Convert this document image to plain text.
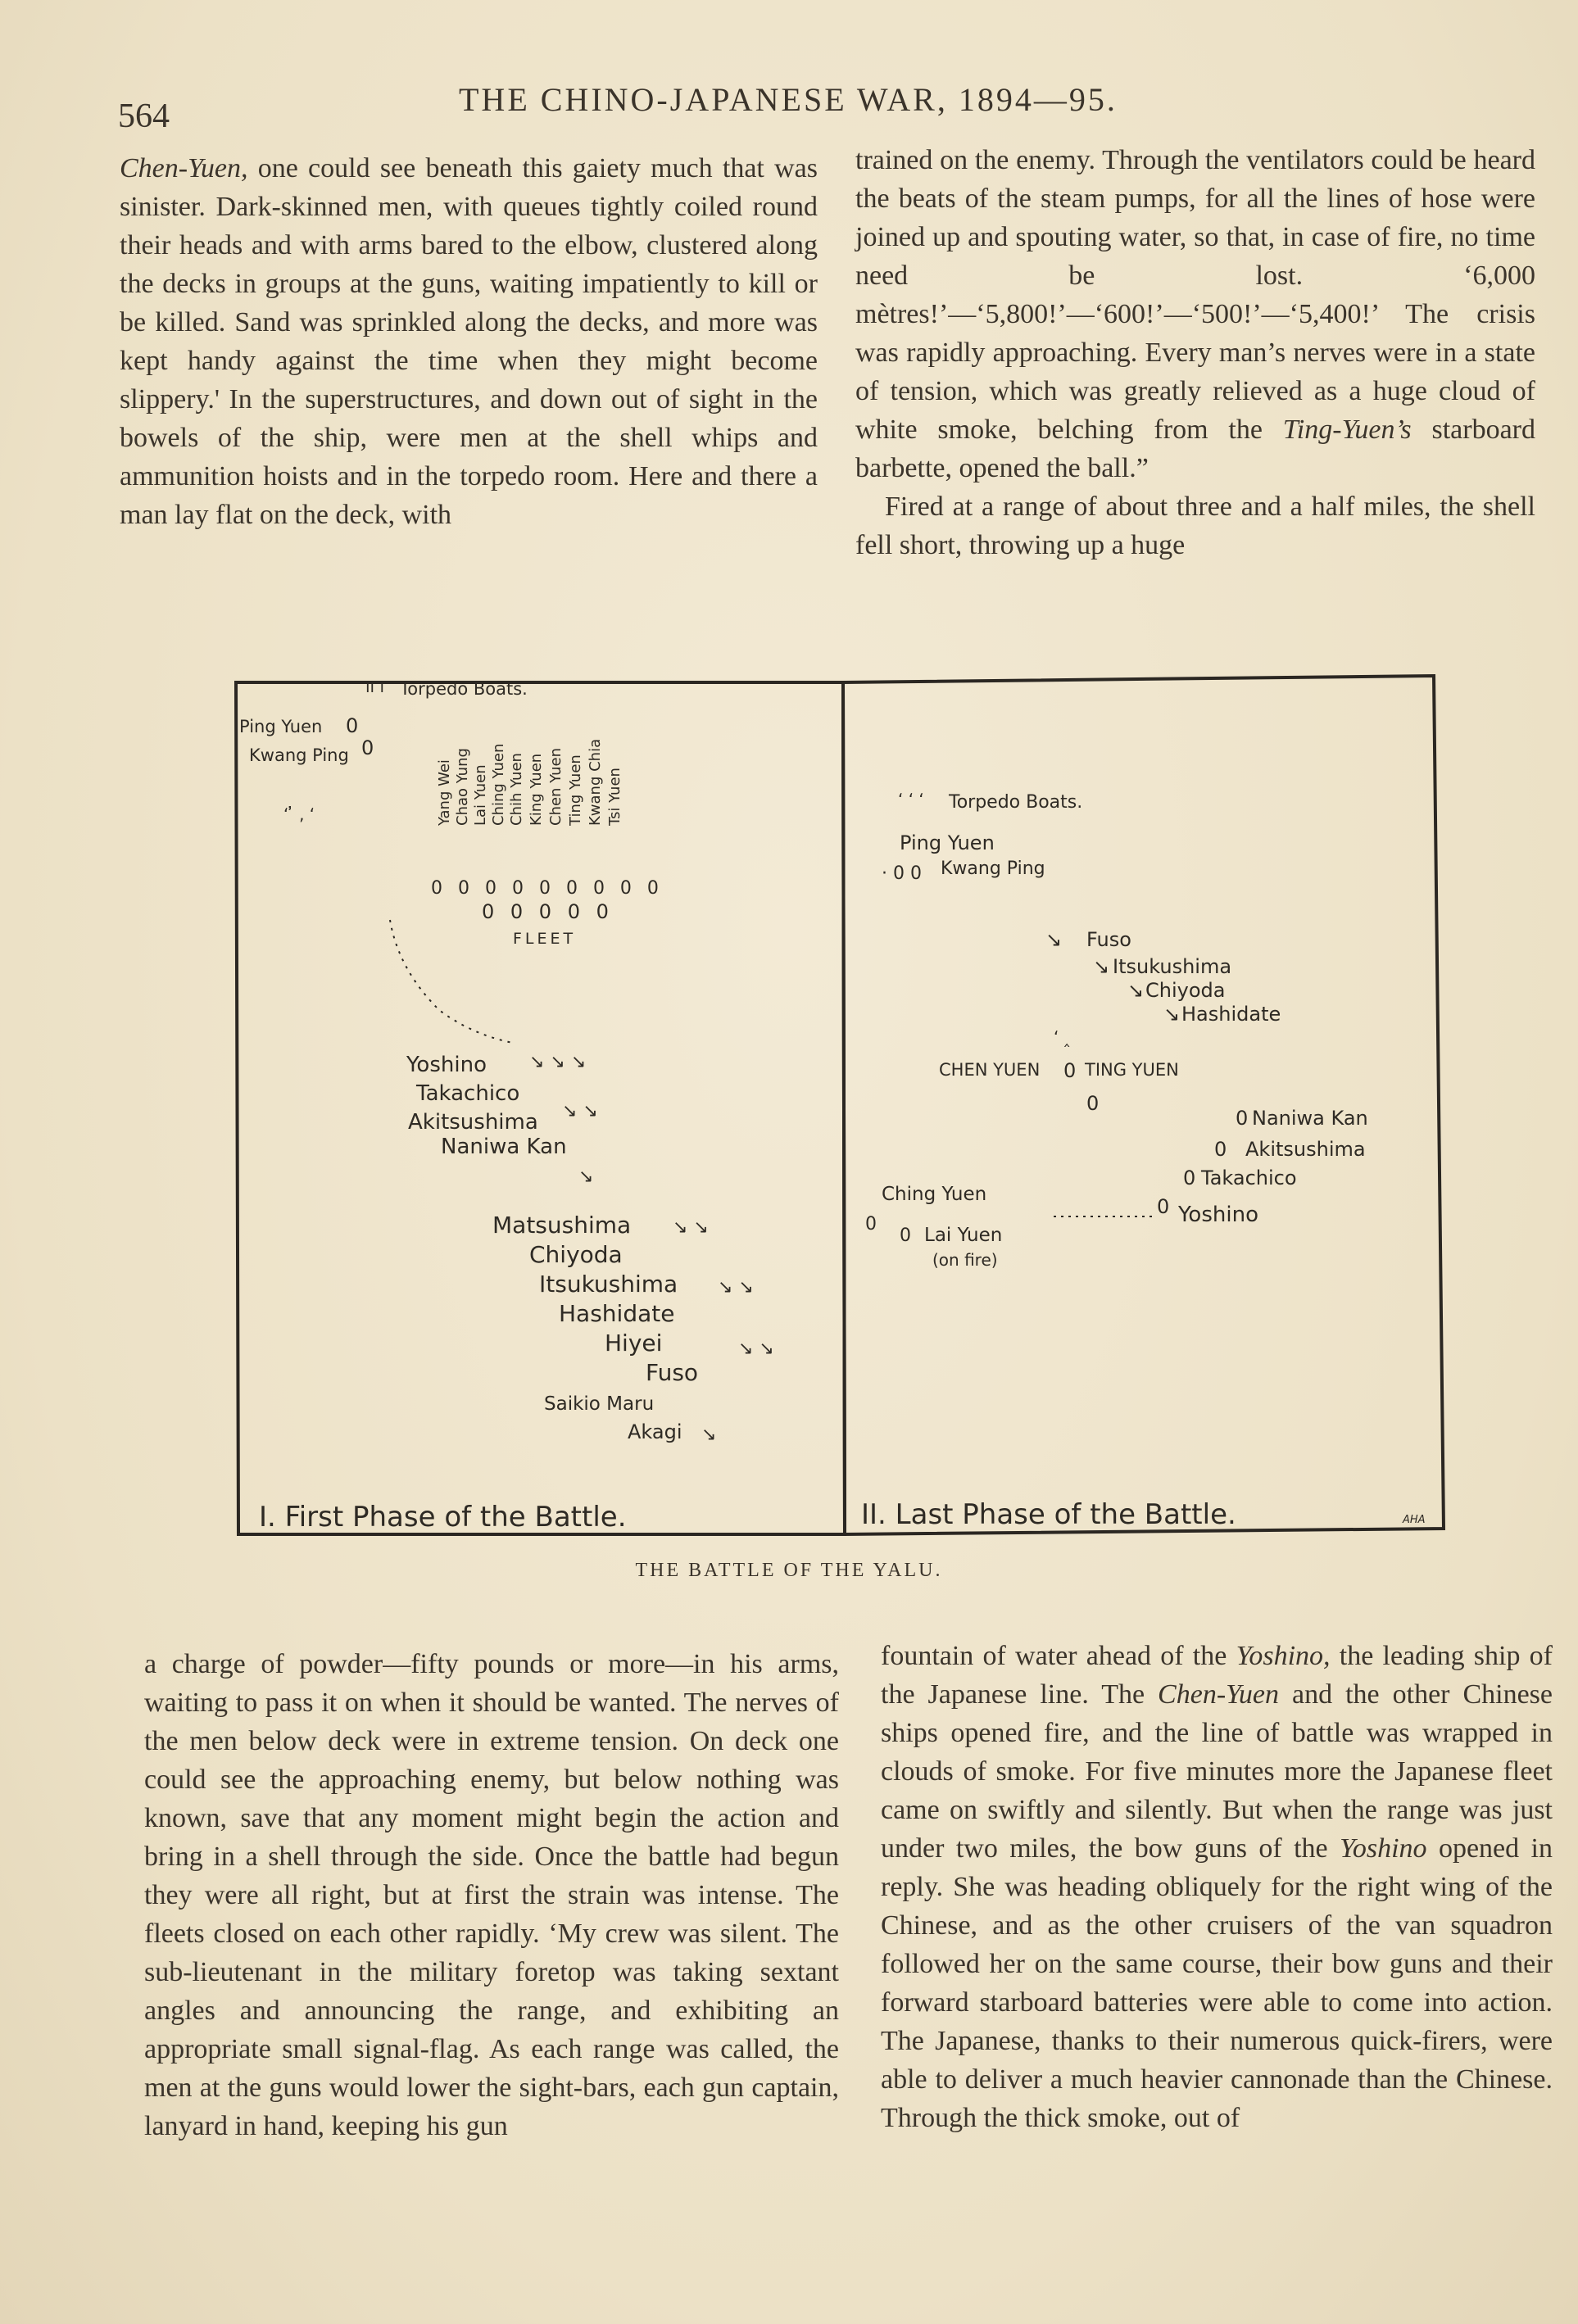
564	THE CHINO-JAPANESE WAR, 1894—95.

Chen-Yuen, one could see beneath this gaiety much that was sinister. Dark-skinned men, with queues tightly coiled round their heads and with arms bared to the elbow, clustered along the decks in groups at the guns, waiting impatiently to kill or be killed. Sand was sprinkled along the decks, and more was kept handy against the time when they might become slippery.' In the superstructures, and down out of sight in the bowels of the ship, were men at the shell whips and ammunition hoists and in the torpedo room. Here and there a man lay flat on the deck, with

trained on the enemy. Through the ventilators could be heard the beats of the steam pumps, for all the lines of hose were joined up and spouting water, so that, in case of fire, no time need be lost. ‘6,000 mètres!’—‘5,800!’—‘600!’—‘500!’—‘5,400!’ The crisis was rapidly approaching. Every man’s nerves were in a state of tension, which was greatly relieved as a huge cloud of white smoke, belching from the Ting-Yuen’s starboard barbette, opened the ball.”

Fired at a range of about three and a half miles, the shell fell short, throwing up a huge

ıı ı Torpedo Boats.
Ping Yuen
Kwang Ping
0
0
Yang Wei Chao Yung Lai Yuen Ching Yuen Chih Yuen King Yuen Chen Yuen Ting Yuen Kwang Chia Tsi Yuen
0 0 0 0 0 0 0 0 0
0 0 0 0 0
FLEET
ʻ ̓ , ʻ
Yoshino
Takachico
Akitsushima
Naniwa Kan
↘ ↘ ↘
↘ ↘
↘
Matsushima
Chiyoda
Itsukushima
Hashidate
Hiyei
Fuso
Saikio Maru
Akagi
↘ ↘
↘ ↘
↘ ↘
↘
I. First Phase of the Battle.
ʻ ʻ ʻ Torpedo Boats.
Ping Yuen
Kwang Ping
· 0 0
↘ Fuso
↘ Itsukushima
↘ Chiyoda
↘ Hashidate
CHEN YUEN 0 TING YUEN
0
ʻ ‸
0 Naniwa Kan
0 Akitsushima
0 Takachico
0 Yoshino
Ching Yuen
0
0 Lai Yuen
(on fire)
II. Last Phase of the Battle.	AHA
THE BATTLE OF THE YALU.

a charge of powder—fifty pounds or more—in his arms, waiting to pass it on when it should be wanted. The nerves of the men below deck were in extreme tension. On deck one could see the approaching enemy, but below nothing was known, save that any moment might begin the action and bring in a shell through the side. Once the battle had begun they were all right, but at first the strain was intense. The fleets closed on each other rapidly. ‘My crew was silent. The sub-lieutenant in the military foretop was taking sextant angles and announcing the range, and exhibiting an appropriate small signal-flag. As each range was called, the men at the guns would lower the sight-bars, each gun captain, lanyard in hand, keeping his gun

fountain of water ahead of the Yoshino, the leading ship of the Japanese line. The Chen-Yuen and the other Chinese ships opened fire, and the line of battle was wrapped in clouds of smoke. For five minutes more the Japanese fleet came on swiftly and silently. But when the range was just under two miles, the bow guns of the Yoshino opened in reply. She was heading obliquely for the right wing of the Chinese, and as the other cruisers of the van squadron followed her on the same course, their bow guns and their forward starboard batteries were able to come into action. The Japanese, thanks to their numerous quick-firers, were able to deliver a much heavier cannonade than the Chinese. Through the thick smoke, out of
